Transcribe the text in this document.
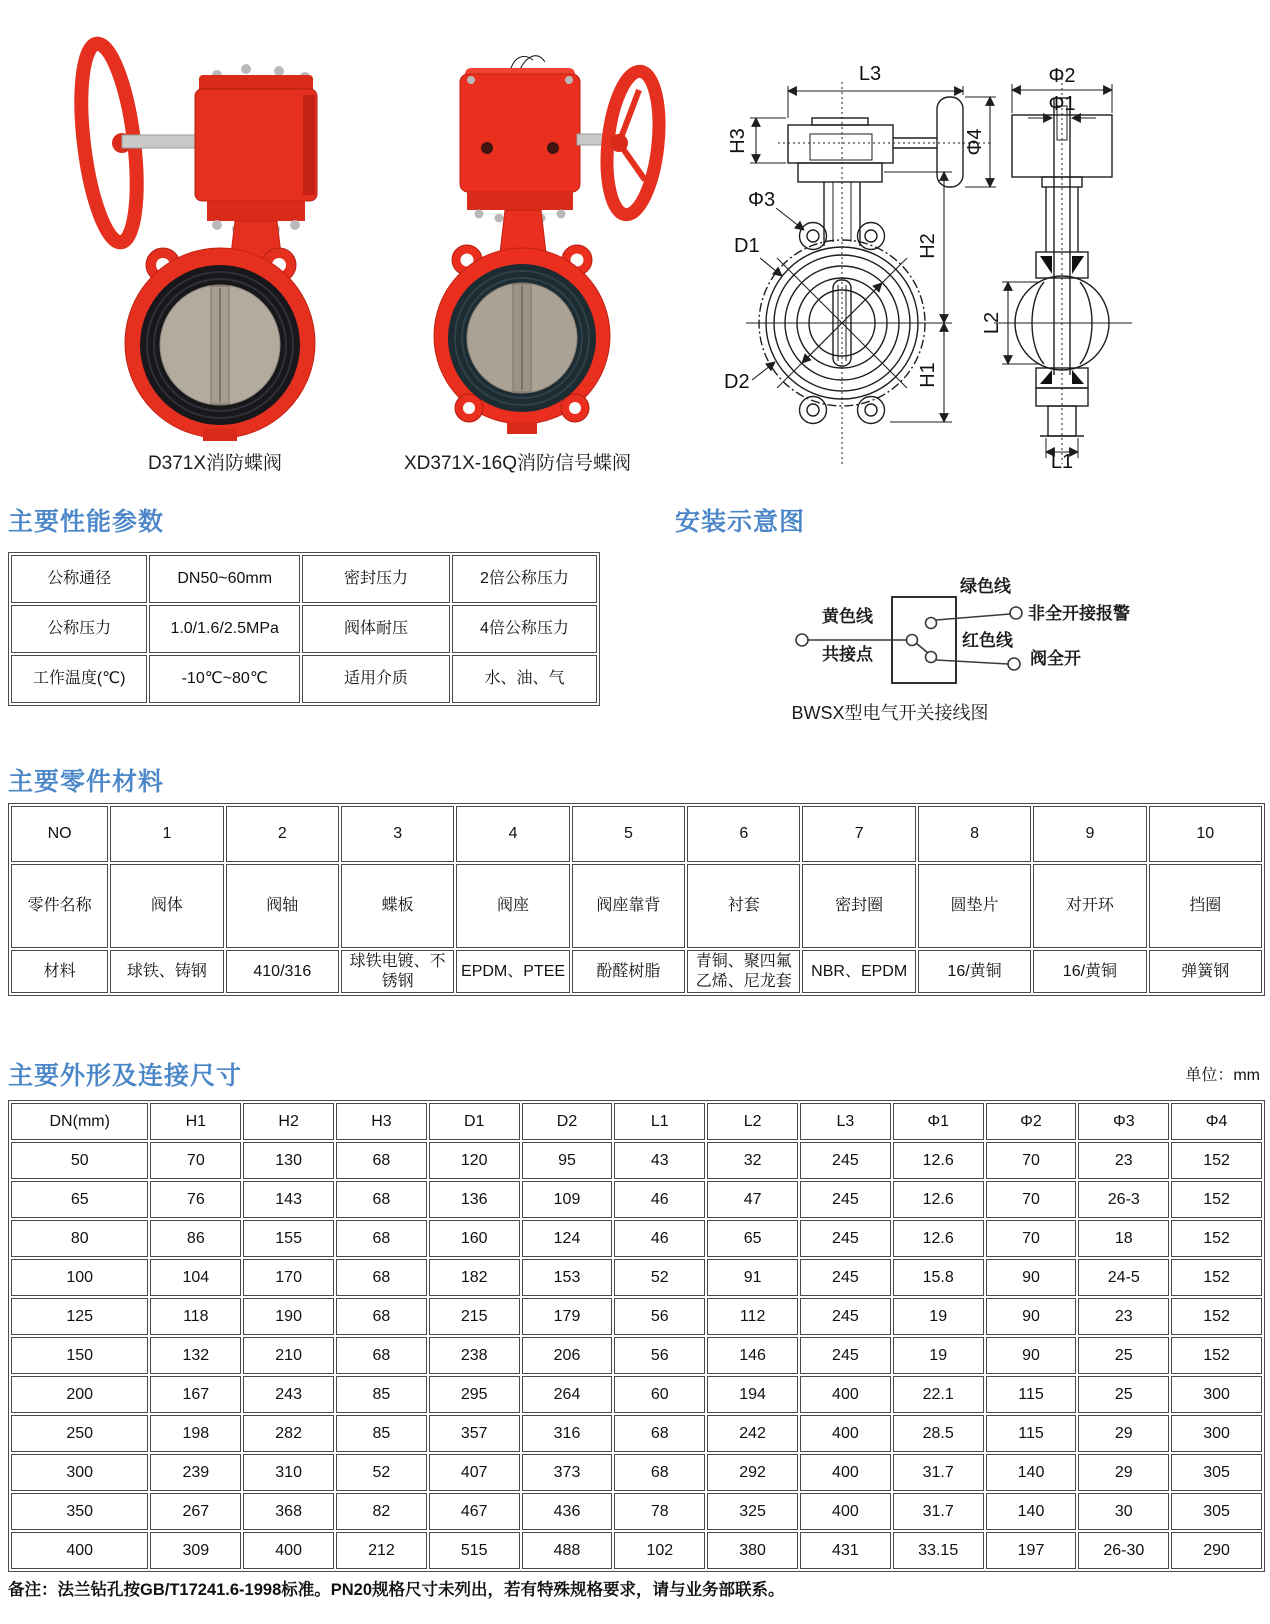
D371X消防蝶阀	XD371X-16Q消防信号蝶阀
L3
H3	Φ4
H2
H1
Φ3
D1
D2
Φ2
Φ1
L2
L1
主要性能参数	安装示意图
主要零件材料
主要外形及连接尺寸	单位：mm
公称通径	DN50~60mm	密封压力	2倍公称压力
公称压力	1.0/1.6/2.5MPa	阀体耐压	4倍公称压力
工作温度(℃)	-10℃~80℃	适用介质	水、油、气
黄色线
共接点
绿色线
红色线
非全开接报警
阀全开
BWSX型电气开关接线图
NO	1	2	3	4	5	6	7	8	9	10
零件名称	阀体	阀轴	蝶板	阀座	阀座靠背	衬套	密封圈	圆垫片	对开环	挡圈
材料	球铁、铸钢	410/316	球铁电镀、不锈钢	EPDM、PTEE	酚醛树脂	青铜、聚四氟乙烯、尼龙套	NBR、EPDM	16/黄铜	16/黄铜	弹簧钢
DN(mm)	H1	H2	H3	D1	D2	L1	L2	L3	Φ1	Φ2	Φ3	Φ4
50	70	130	68	120	95	43	32	245	12.6	70	23	152
65	76	143	68	136	109	46	47	245	12.6	70	26-3	152
80	86	155	68	160	124	46	65	245	12.6	70	18	152
100	104	170	68	182	153	52	91	245	15.8	90	24-5	152
125	118	190	68	215	179	56	112	245	19	90	23	152
150	132	210	68	238	206	56	146	245	19	90	25	152
200	167	243	85	295	264	60	194	400	22.1	115	25	300
250	198	282	85	357	316	68	242	400	28.5	115	29	300
300	239	310	52	407	373	68	292	400	31.7	140	29	305
350	267	368	82	467	436	78	325	400	31.7	140	30	305
400	309	400	212	515	488	102	380	431	33.15	197	26-30	290
备注：法兰钻孔按GB/T17241.6-1998标准。PN20规格尺寸未列出，若有特殊规格要求，请与业务部联系。
